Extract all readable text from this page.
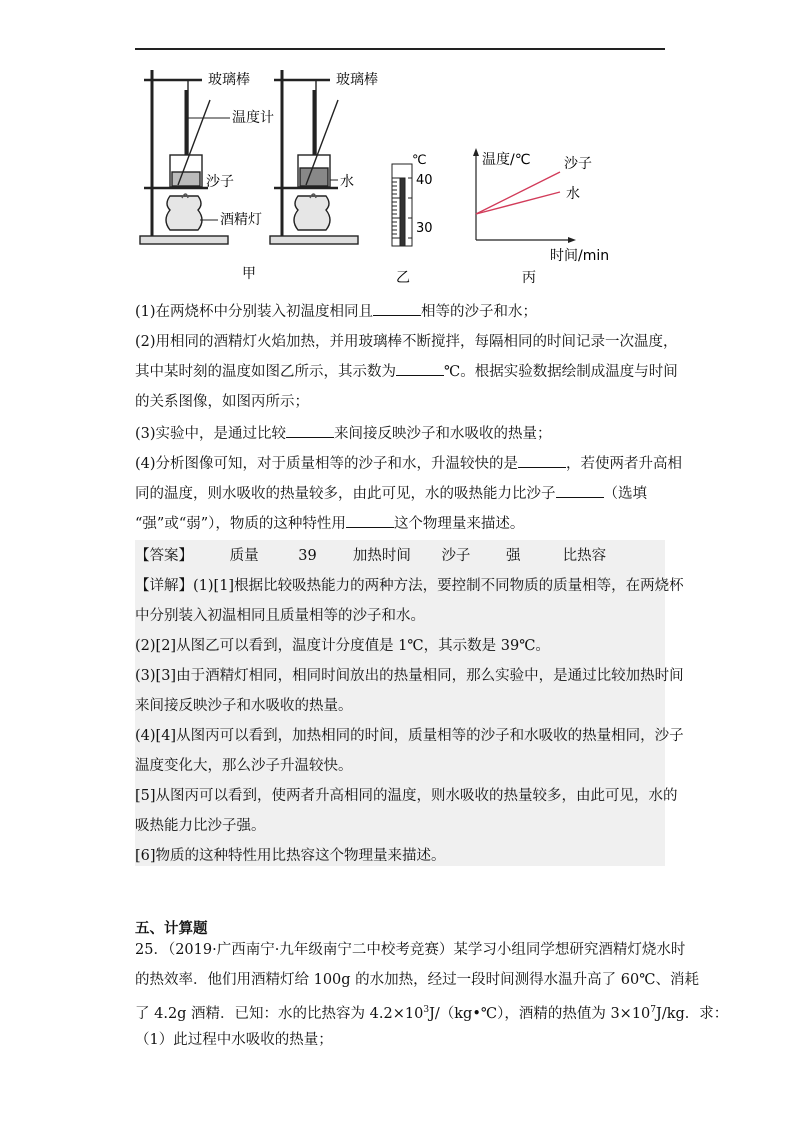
玻璃棒
温度计
沙子
酒精灯
玻璃棒
水
℃
40
30
温度/℃ 沙子
水
时间/min
甲	乙	丙
(1)在两烧杯中分别装入初温度相同且	相等的沙子和水；
(2)用相同的酒精灯火焰加热，并用玻璃棒不断搅拌，每隔相同的时间记录一次温度，
其中某时刻的温度如图乙所示，其示数为	℃。根据实验数据绘制成温度与时间
的关系图像，如图丙所示；
(3)实验中，是通过比较	来间接反映沙子和水吸收的热量；
(4)分析图像可知，对于质量相等的沙子和水，升温较快的是	，若使两者升高相
同的温度，则水吸收的热量较多，由此可见，水的吸热能力比沙子	（选填
“强”或“弱”），物质的这种特性用	这个物理量来描述。
【答案】	质量	39 加热时间 沙子 强	比热容
【详解】(1)[1]根据比较吸热能力的两种方法，要控制不同物质的质量相等，在两烧杯
中分别装入初温相同且质量相等的沙子和水。
(2)[2]从图乙可以看到，温度计分度值是 1℃，其示数是 39℃。
(3)[3]由于酒精灯相同，相同时间放出的热量相同，那么实验中，是通过比较加热时间
来间接反映沙子和水吸收的热量。
(4)[4]从图丙可以看到，加热相同的时间，质量相等的沙子和水吸收的热量相同，沙子
温度变化大，那么沙子升温较快。
[5]从图丙可以看到，使两者升高相同的温度，则水吸收的热量较多，由此可见，水的
吸热能力比沙子强。
[6]物质的这种特性用比热容这个物理量来描述。
五、计算题
25．（2019·广西南宁·九年级南宁二中校考竞赛）某学习小组同学想研究酒精灯烧水时
的热效率．他们用酒精灯给 100g 的水加热，经过一段时间测得水温升高了 60℃、消耗
了 4.2g 酒精．已知：水的比热容为 $4.2\times 10^3J/(kg•℃)$，酒精的热值为 $3\times 10^7J/kg$．求：
（1）此过程中水吸收的热量；
